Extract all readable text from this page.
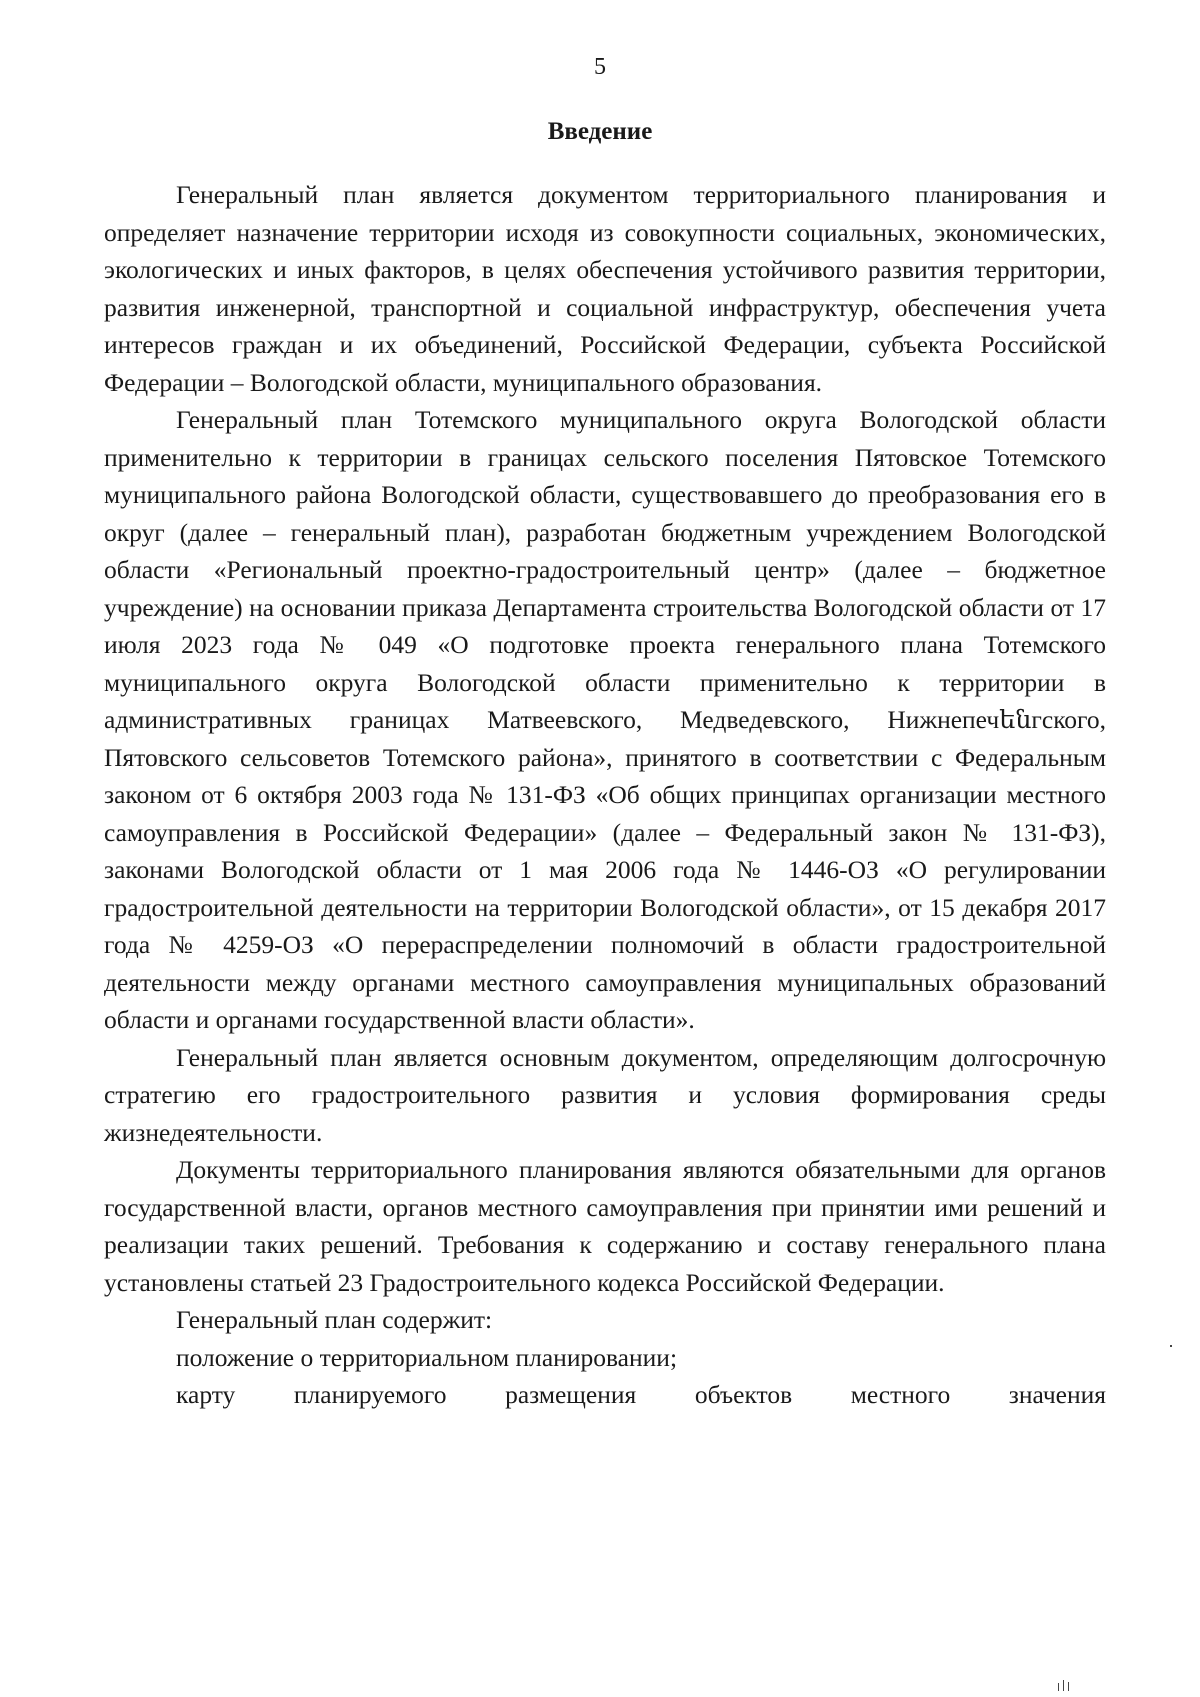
5
Введение

Генеральный план является документом территориального планирования и определяет назначение территории исходя из совокупности социальных, экономических, экологических и иных факторов, в целях обеспечения устойчивого развития территории, развития инженерной, транспортной и социальной инфраструктур, обеспечения учета интересов граждан и их объединений, Российской Федерации, субъекта Российской Федерации – Вологодской области, муниципального образования.

Генеральный план Тотемского муниципального округа Вологодской области применительно к территории в границах сельского поселения Пятовское Тотемского муниципального района Вологодской области, существовавшего до преобразования его в округ (далее – генеральный план), разработан бюджетным учреждением Вологодской области «Региональный проектно-градостроительный центр» (далее – бюджетное учреждение) на основании приказа Департамента строительства Вологодской области от 17 июля 2023 года № 049 «О подготовке проекта генерального плана Тотемского муниципального округа Вологодской области применительно к территории в административных границах Матвеевского, Медведевского, Нижнепечենгского, Пятовского сельсоветов Тотемского района», принятого в соответствии с Федеральным законом от 6 октября 2003 года № 131-ФЗ «Об общих принципах организации местного самоуправления в Российской Федерации» (далее – Федеральный закон № 131-ФЗ), законами Вологодской области от 1 мая 2006 года № 1446-ОЗ «О регулировании градостроительной деятельности на территории Вологодской области», от 15 декабря 2017 года № 4259-ОЗ «О перераспределении полномочий в области градостроительной деятельности между органами местного самоуправления муниципальных образований области и органами государственной власти области».

Генеральный план является основным документом, определяющим долгосрочную стратегию его градостроительного развития и условия формирования среды жизнедеятельности.

Документы территориального планирования являются обязательными для органов государственной власти, органов местного самоуправления при принятии ими решений и реализации таких решений. Требования к содержанию и составу генерального плана установлены статьей 23 Градостроительного кодекса Российской Федерации.

Генеральный план содержит:

положение о территориальном планировании;

карту планируемого размещения объектов местного значения
